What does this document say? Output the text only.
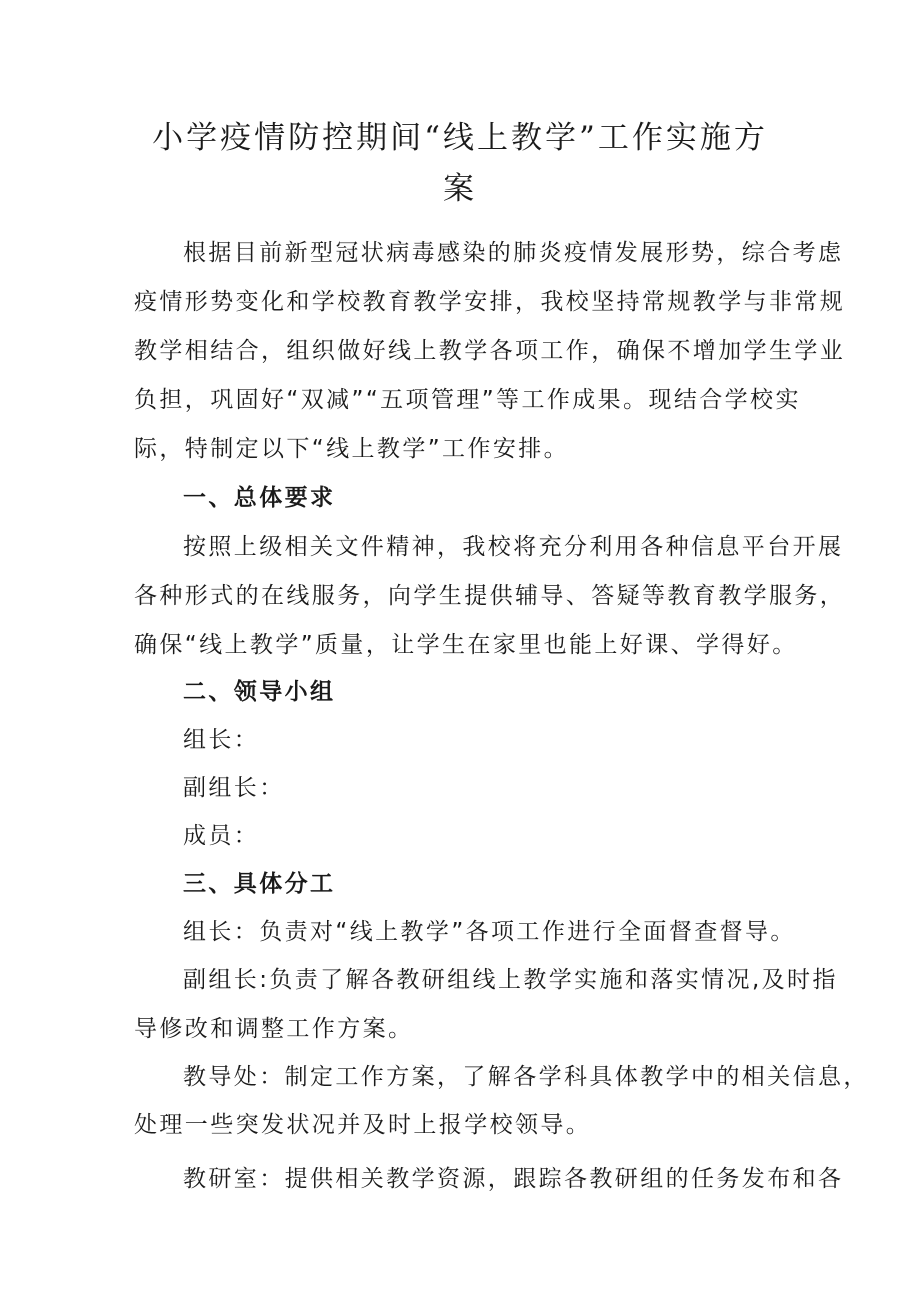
小学疫情防控期间“线上教学”工作实施方
案
根据目前新型冠状病毒感染的肺炎疫情发展形势，综合考虑
疫情形势变化和学校教育教学安排，我校坚持常规教学与非常规
教学相结合，组织做好线上教学各项工作，确保不增加学生学业
负担，巩固好“双减”“五项管理”等工作成果。现结合学校实
际，特制定以下“线上教学”工作安排。
一、总体要求
按照上级相关文件精神，我校将充分利用各种信息平台开展
各种形式的在线服务，向学生提供辅导、答疑等教育教学服务，
确保“线上教学”质量，让学生在家里也能上好课、学得好。
二、领导小组
组长：
副组长：
成员：
三、具体分工
组长：负责对“线上教学”各项工作进行全面督查督导。
副组长:负责了解各教研组线上教学实施和落实情况,及时指
导修改和调整工作方案。
教导处：制定工作方案，了解各学科具体教学中的相关信息，
处理一些突发状况并及时上报学校领导。
教研室：提供相关教学资源，跟踪各教研组的任务发布和各
